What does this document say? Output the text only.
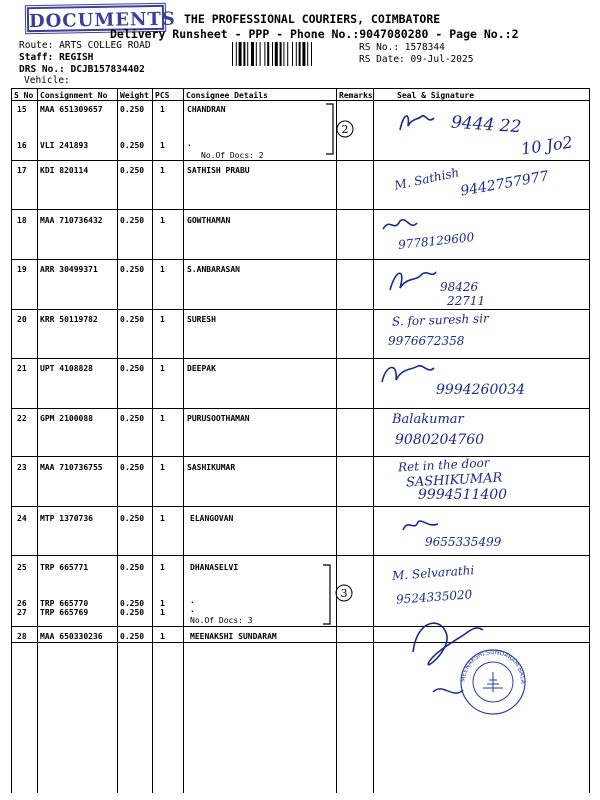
DOCUMENTS THE PROFESSIONAL COURIERS, COIMBATORE
Delivery Runsheet - PPP - Phone No.:9047080280 - Page No.:2
Route: ARTS COLLEG ROAD
Staff: REGISH
DRS No.: DCJB157834402
Vehicle:
RS No.: 1578344
RS Date: 09-Jul-2025
S No Consignment No Weight PCS Consignee Details	Remarks	Seal & Signature
15 MAA 651309657 0.250 1	CHANDRAN
16 VLI 241893	0.250 1	.
No.Of Docs: 2
17 KDI 820114	0.250 1	SATHISH PRABU
18 MAA 710736432 0.250 1	GOWTHAMAN
19 ARR 30499371	0.250 1	S.ANBARASAN
20 KRR 50119782	0.250 1	SURESH
21 UPT 4108828	0.250 1	DEEPAK
22 GPM 2100088	0.250 1	PURUSOOTHAMAN
23 MAA 710736755 0.250 1	SASHIKUMAR
24 MTP 1370736	0.250 1	ELANGOVAN
25 TRP 665771	0.250 1	DHANASELVI
26 TRP 665770	0.250 1	.
27 TRP 665769	0.250 1	.
No.Of Docs: 3
28 MAA 650330236 0.250 1	MEENAKSHI SUNDARAM
2
3
9444 22
10 Jo2
M. Sathish
9442757977
9778129600
98426
22711
S. for suresh sir
9976672358
9994260034
Balakumar
9080204760
Ret in the door
SASHIKUMAR
9994511400
9655335499
M. Selvarathi
9524335020
MEENAKSHI SUNDARAM BALA
